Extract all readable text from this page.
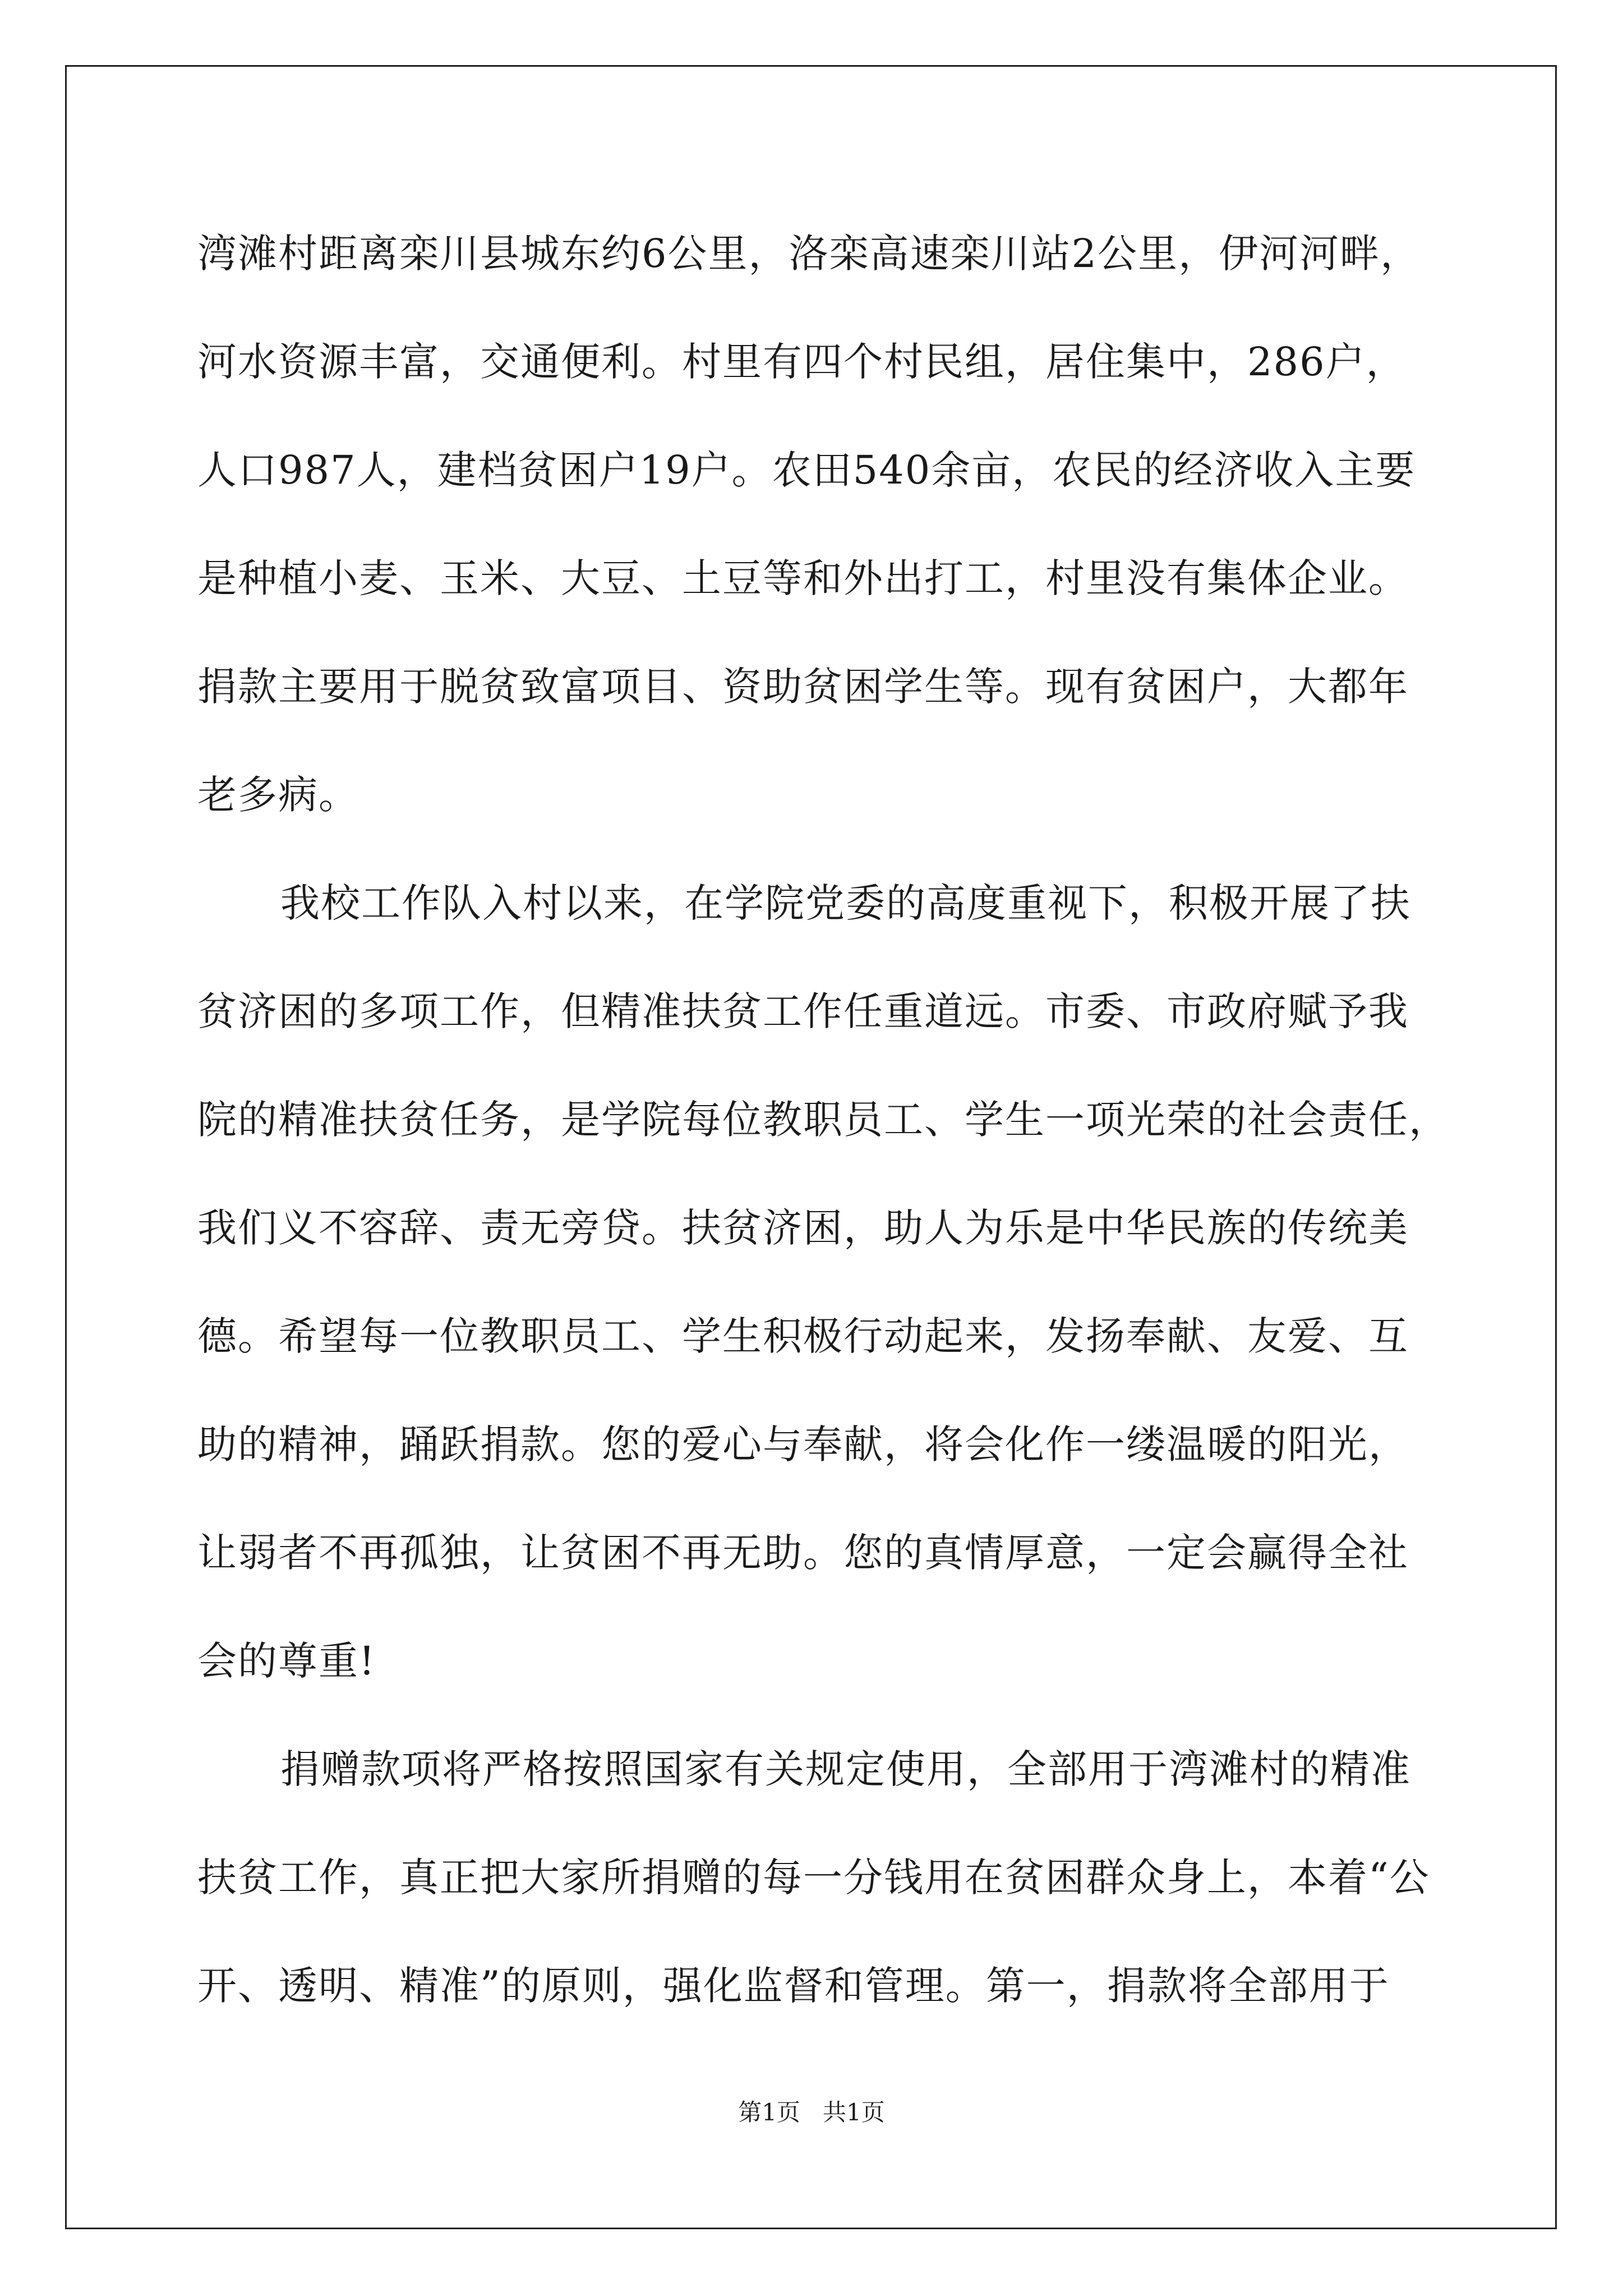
湾滩村距离栾川县城东约6公里，洛栾高速栾川站2公里，伊河河畔，
河水资源丰富，交通便利。村里有四个村民组，居住集中，286户，
人口987人，建档贫困户19户。农田540余亩，农民的经济收入主要
是种植小麦、玉米、大豆、土豆等和外出打工，村里没有集体企业。
捐款主要用于脱贫致富项目、资助贫困学生等。现有贫困户，大都年
老多病。
我校工作队入村以来，在学院党委的高度重视下，积极开展了扶
贫济困的多项工作，但精准扶贫工作任重道远。市委、市政府赋予我
院的精准扶贫任务，是学院每位教职员工、学生一项光荣的社会责任，
我们义不容辞、责无旁贷。扶贫济困，助人为乐是中华民族的传统美
德。希望每一位教职员工、学生积极行动起来，发扬奉献、友爱、互
助的精神，踊跃捐款。您的爱心与奉献，将会化作一缕温暖的阳光，
让弱者不再孤独，让贫困不再无助。您的真情厚意，一定会赢得全社
会的尊重!
捐赠款项将严格按照国家有关规定使用，全部用于湾滩村的精准
扶贫工作，真正把大家所捐赠的每一分钱用在贫困群众身上，本着“公
开、透明、精准”的原则，强化监督和管理。第一，捐款将全部用于
第1页   共1页
